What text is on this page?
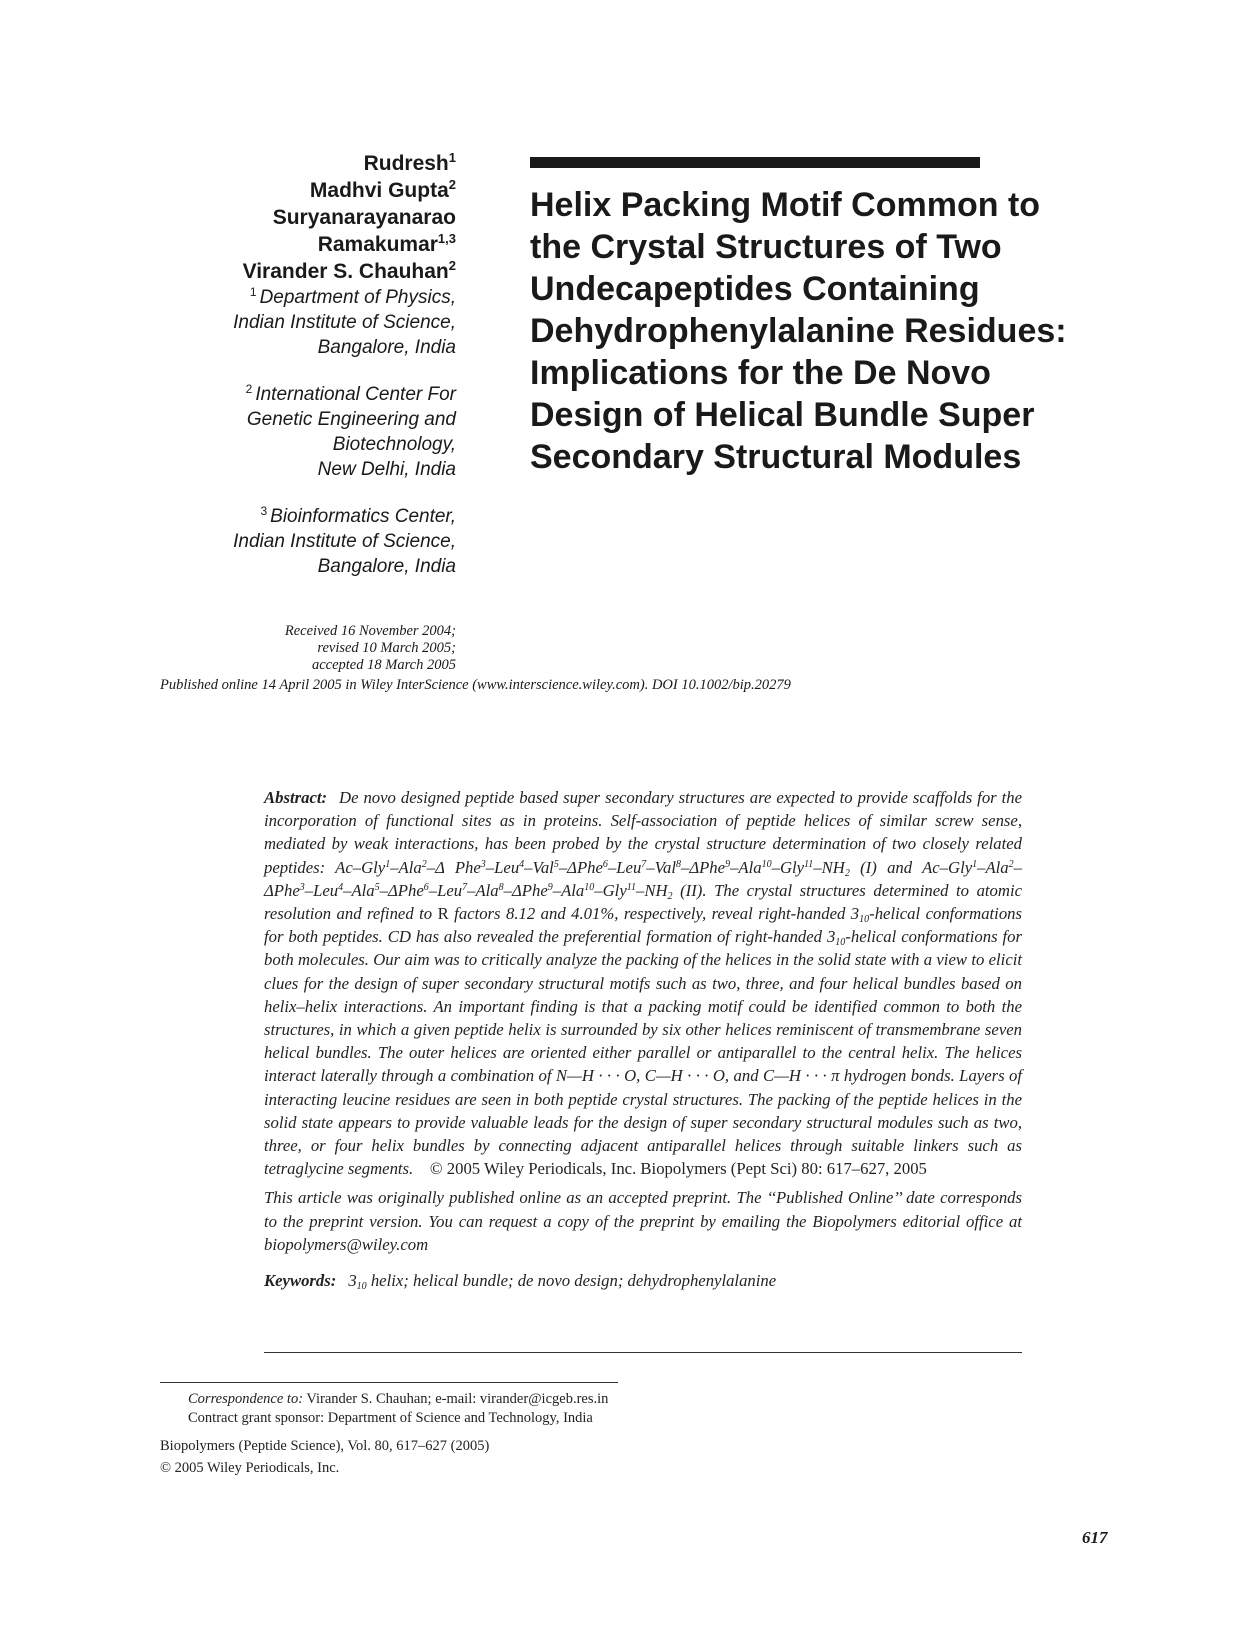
Rudresh$^1$
Madhvi Gupta$^2$
Suryanarayanarao
Ramakumar$^{1,3}$
Virander S. Chauhan$^2$
$^1$ Department of Physics,
Indian Institute of Science,
Bangalore, India
$^2$ International Center For
Genetic Engineering and
Biotechnology,
New Delhi, India
$^3$ Bioinformatics Center,
Indian Institute of Science,
Bangalore, India
Helix Packing Motif Common to
the Crystal Structures of Two
Undecapeptides Containing
Dehydrophenylalanine Residues:
Implications for the De Novo
Design of Helical Bundle Super
Secondary Structural Modules
Received 16 November 2004;
revised 10 March 2005;
accepted 18 March 2005
Published online 14 April 2005 in Wiley InterScience (www.interscience.wiley.com). DOI 10.1002/bip.20279

Abstract: De novo designed peptide based super secondary structures are expected to provide scaffolds for the incorporation of functional sites as in proteins. Self-association of peptide helices of similar screw sense, mediated by weak interactions, has been probed by the crystal structure determination of two closely related peptides: Ac–Gly$^1$–Ala$^2$–Δ $Phe^3-Leu^4-Val^5-\Delta Phe^6-Leu^7-Val^8-\Delta Phe^9-Ala^{10}-Gly^{11}-NH_2$ (I) and $Ac-Gly^1-Ala^2-\Delta Phe^3-Leu^4-Ala^5-\Delta Phe^6-Leu^7-Ala^8-\Delta Phe^9-Ala^{10}-Gly^{11}-NH_2$ (II). The crystal structures determined to atomic resolution and refined to R factors 8.12 and 4.01%, respectively, reveal right-handed $3_{10}$-helical conformations for both peptides. CD has also revealed the preferential formation of right-handed $3_{10}$-helical conformations for both molecules. Our aim was to critically analyze the packing of the helices in the solid state with a view to elicit clues for the design of super secondary structural motifs such as two, three, and four helical bundles based on helix–helix interactions. An important finding is that a packing motif could be identified common to both the structures, in which a given peptide helix is surrounded by six other helices reminiscent of transmembrane seven helical bundles. The outer helices are oriented either parallel or antiparallel to the central helix. The helices interact laterally through a combination of N—H · · · O, C—H · · · O, and C—H · · · π hydrogen bonds. Layers of interacting leucine residues are seen in both peptide crystal structures. The packing of the peptide helices in the solid state appears to provide valuable leads for the design of super secondary structural modules such as two, three, or four helix bundles by connecting adjacent antiparallel helices through suitable linkers such as tetraglycine segments. © 2005 Wiley Periodicals, Inc. Biopolymers (Pept Sci) 80: 617–627, 2005

This article was originally published online as an accepted preprint. The ‘‘Published Online’’ date corresponds to the preprint version. You can request a copy of the preprint by emailing the Biopolymers editorial office at biopolymers@wiley.com

Keywords: $3_{10}$ helix; helical bundle; de novo design; dehydrophenylalanine

Correspondence to: Virander S. Chauhan; e-mail: virander@icgeb.res.in

Contract grant sponsor: Department of Science and Technology, India

Biopolymers (Peptide Science), Vol. 80, 617–627 (2005)

© 2005 Wiley Periodicals, Inc.

617
